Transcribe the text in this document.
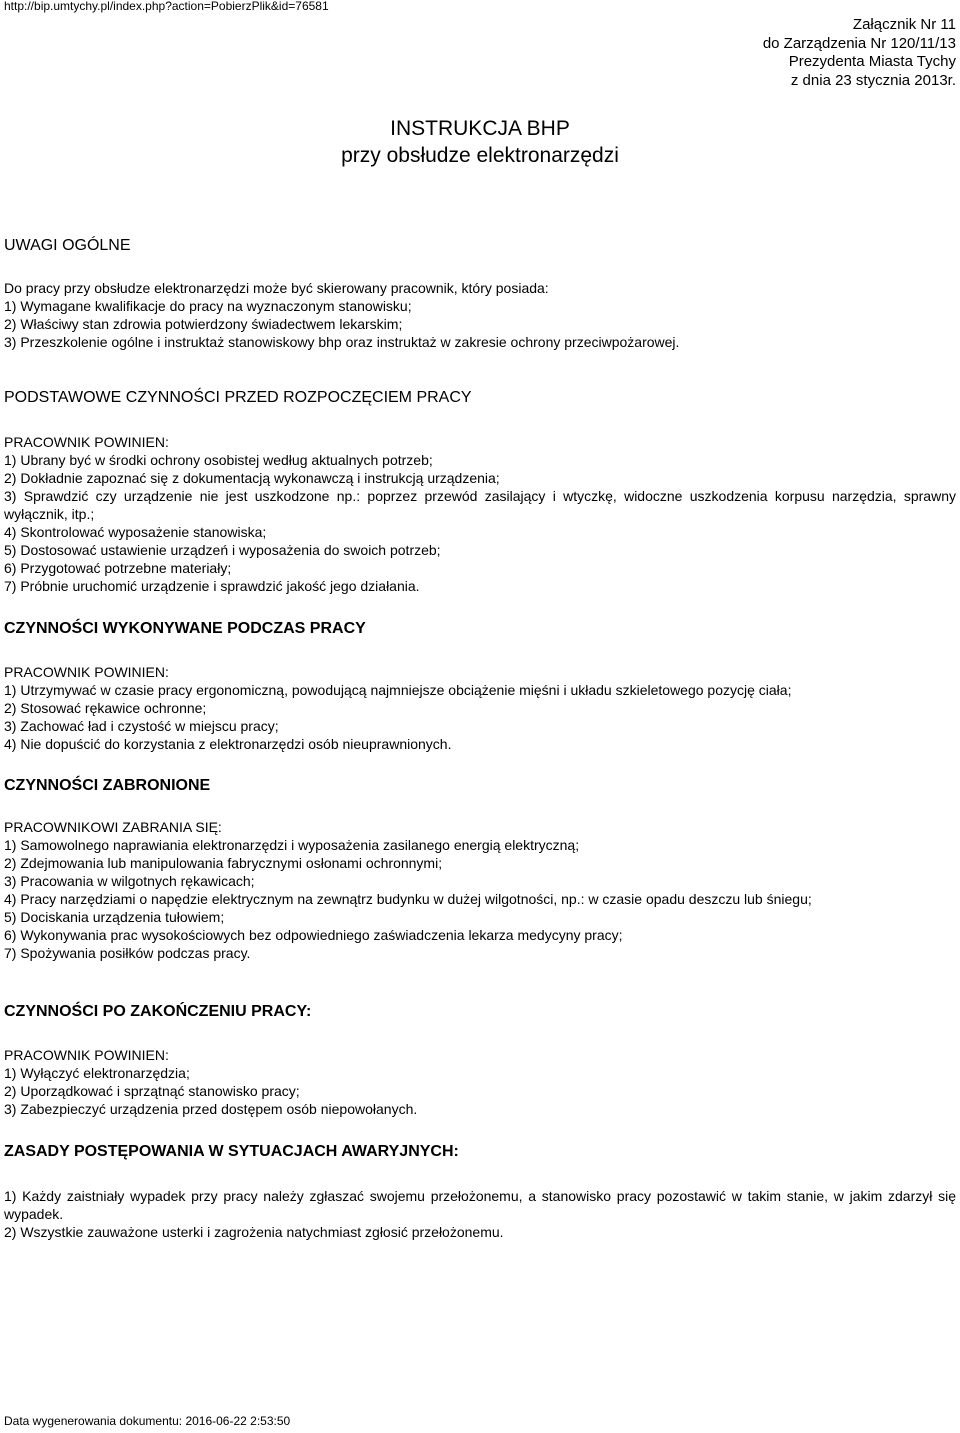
http://bip.umtychy.pl/index.php?action=PobierzPlik&id=76581
Załącznik Nr 11
do Zarządzenia Nr 120/11/13
Prezydenta Miasta Tychy
z dnia 23 stycznia 2013r.
INSTRUKCJA BHP
przy obsłudze elektronarzędzi
UWAGI OGÓLNE
Do pracy przy obsłudze elektronarzędzi może być skierowany pracownik, który posiada:
1) Wymagane kwalifikacje do pracy na wyznaczonym stanowisku;
2) Właściwy stan zdrowia potwierdzony świadectwem lekarskim;
3) Przeszkolenie ogólne i instruktaż stanowiskowy bhp oraz instruktaż w zakresie ochrony przeciwpożarowej.
PODSTAWOWE CZYNNOŚCI PRZED ROZPOCZĘCIEM PRACY
PRACOWNIK POWINIEN:
1) Ubrany być w środki ochrony osobistej według aktualnych potrzeb;
2) Dokładnie zapoznać się z dokumentacją wykonawczą i instrukcją urządzenia;
3) Sprawdzić czy urządzenie nie jest uszkodzone np.: poprzez przewód zasilający i wtyczkę, widoczne uszkodzenia korpusu narzędzia, sprawny wyłącznik, itp.;
4) Skontrolować wyposażenie stanowiska;
5) Dostosować ustawienie urządzeń i wyposażenia do swoich potrzeb;
6) Przygotować potrzebne materiały;
7) Próbnie uruchomić urządzenie i sprawdzić jakość jego działania.
CZYNNOŚCI WYKONYWANE PODCZAS PRACY
PRACOWNIK POWINIEN:
1) Utrzymywać w czasie pracy ergonomiczną, powodującą najmniejsze obciążenie mięśni i układu szkieletowego pozycję ciała;
2) Stosować rękawice ochronne;
3) Zachować ład i czystość w miejscu pracy;
4) Nie dopuścić do korzystania z elektronarzędzi osób nieuprawnionych.
CZYNNOŚCI ZABRONIONE
PRACOWNIKOWI ZABRANIA SIĘ:
1) Samowolnego naprawiania elektronarzędzi i wyposażenia zasilanego energią elektryczną;
2) Zdejmowania lub manipulowania fabrycznymi osłonami ochronnymi;
3) Pracowania w wilgotnych rękawicach;
4) Pracy narzędziami o napędzie elektrycznym na zewnątrz budynku w dużej wilgotności, np.: w czasie opadu deszczu lub śniegu;
5) Dociskania urządzenia tułowiem;
6) Wykonywania prac wysokościowych bez odpowiedniego zaświadczenia lekarza medycyny pracy;
7) Spożywania posiłków podczas pracy.
CZYNNOŚCI PO ZAKOŃCZENIU PRACY:
PRACOWNIK POWINIEN:
1) Wyłączyć elektronarzędzia;
2) Uporządkować i sprzątnąć stanowisko pracy;
3) Zabezpieczyć urządzenia przed dostępem osób niepowołanych.
ZASADY POSTĘPOWANIA W SYTUACJACH AWARYJNYCH:
1) Każdy zaistniały wypadek przy pracy należy zgłaszać swojemu przełożonemu, a stanowisko pracy pozostawić w takim stanie, w jakim zdarzył się wypadek.
2) Wszystkie zauważone usterki i zagrożenia natychmiast zgłosić przełożonemu.
Data wygenerowania dokumentu: 2016-06-22 2:53:50
